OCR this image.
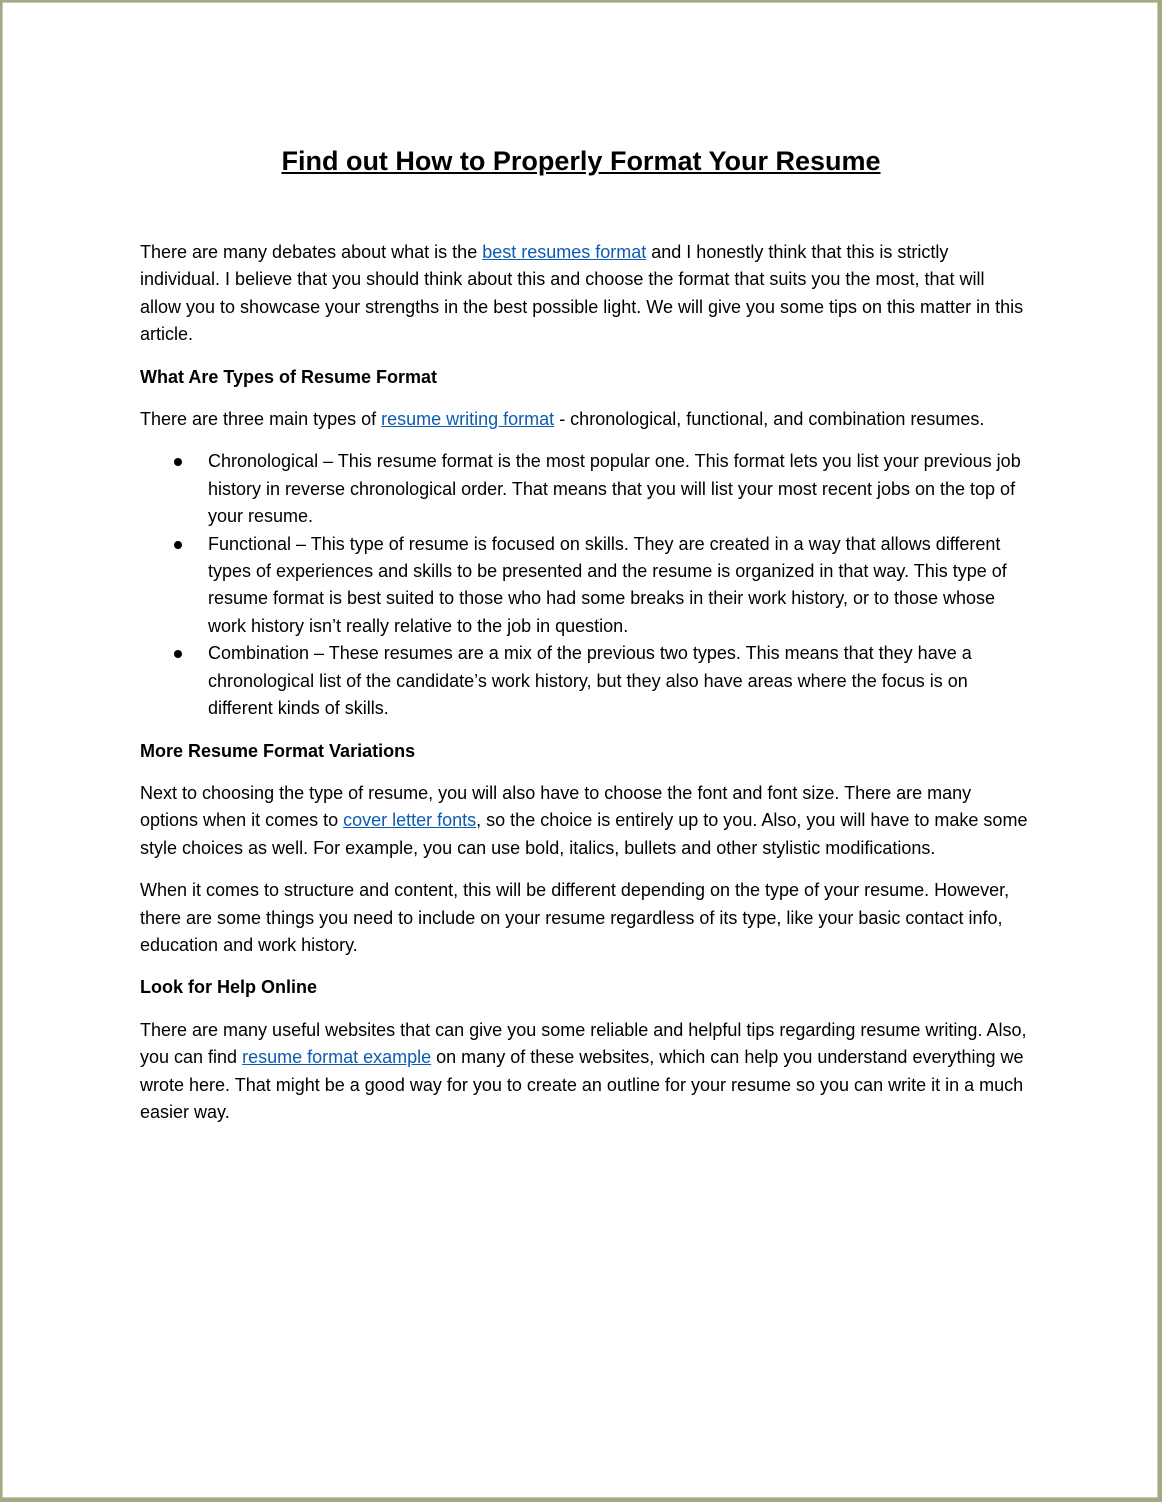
Find out How to Properly Format Your Resume

There are many debates about what is the best resumes format and I honestly think that this is strictly individual. I believe that you should think about this and choose the format that suits you the most, that will allow you to showcase your strengths in the best possible light. We will give you some tips on this matter in this article.

What Are Types of Resume Format

There are three main types of resume writing format - chronological, functional, and combination resumes.

Chronological – This resume format is the most popular one. This format lets you list your previous job history in reverse chronological order. That means that you will list your most recent jobs on the top of your resume.
Functional – This type of resume is focused on skills. They are created in a way that allows different types of experiences and skills to be presented and the resume is organized in that way. This type of resume format is best suited to those who had some breaks in their work history, or to those whose work history isn’t really relative to the job in question.
Combination – These resumes are a mix of the previous two types. This means that they have a chronological list of the candidate’s work history, but they also have areas where the focus is on different kinds of skills.
More Resume Format Variations

Next to choosing the type of resume, you will also have to choose the font and font size. There are many options when it comes to cover letter fonts, so the choice is entirely up to you. Also, you will have to make some style choices as well. For example, you can use bold, italics, bullets and other stylistic modifications.

When it comes to structure and content, this will be different depending on the type of your resume. However, there are some things you need to include on your resume regardless of its type, like your basic contact info, education and work history.

Look for Help Online

There are many useful websites that can give you some reliable and helpful tips regarding resume writing. Also, you can find resume format example on many of these websites, which can help you understand everything we wrote here. That might be a good way for you to create an outline for your resume so you can write it in a much easier way.
